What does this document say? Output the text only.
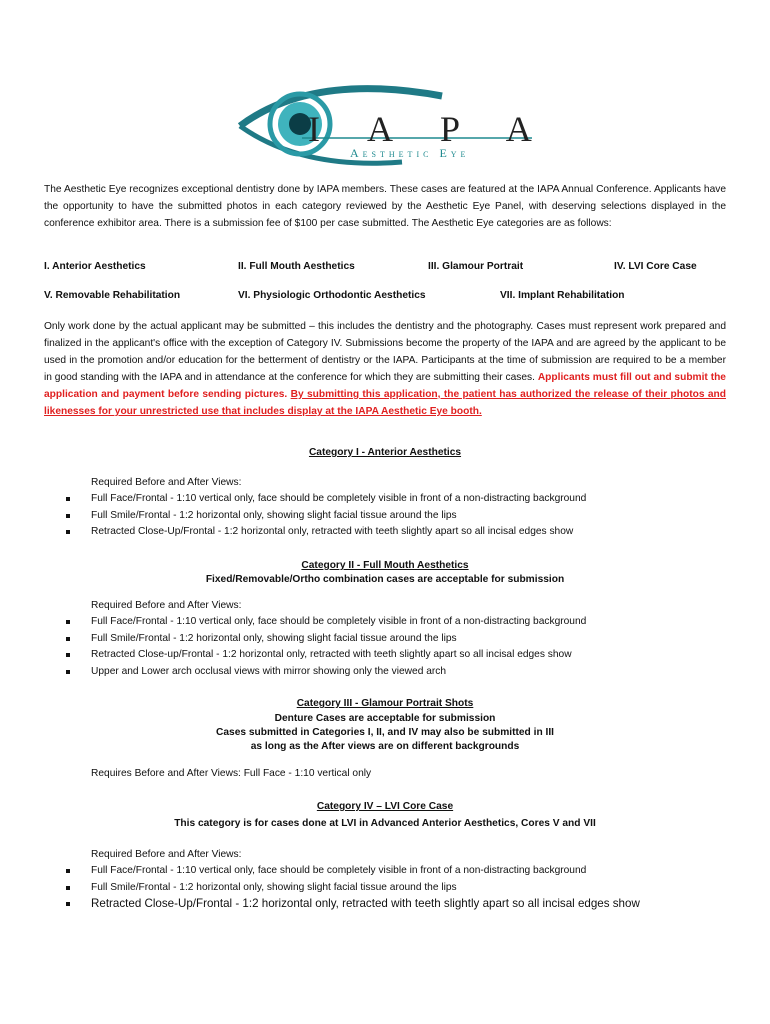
I A P A
Aesthetic Eye
The Aesthetic Eye recognizes exceptional dentistry done by IAPA members. These cases are featured at the IAPA Annual Conference. Applicants have the opportunity to have the submitted photos in each category reviewed by the Aesthetic Eye Panel, with deserving selections displayed in the conference exhibitor area. There is a submission fee of $100 per case submitted. The Aesthetic Eye categories are as follows:
I. Anterior Aesthetics	II. Full Mouth Aesthetics	III. Glamour Portrait	IV. LVI Core Case
V. Removable Rehabilitation	VI. Physiologic Orthodontic Aesthetics	VII. Implant Rehabilitation
Only work done by the actual applicant may be submitted – this includes the dentistry and the photography. Cases must represent work prepared and finalized in the applicant's office with the exception of Category IV. Submissions become the property of the IAPA and are agreed by the applicant to be used in the promotion and/or education for the betterment of dentistry or the IAPA. Participants at the time of submission are required to be a member in good standing with the IAPA and in attendance at the conference for which they are submitting their cases. Applicants must fill out and submit the application and payment before sending pictures. By submitting this application, the patient has authorized the release of their photos and likenesses for your unrestricted use that includes display at the IAPA Aesthetic Eye booth.
Category I - Anterior Aesthetics
Required Before and After Views:
Full Face/Frontal - 1:10 vertical only, face should be completely visible in front of a non-distracting background
Full Smile/Frontal - 1:2 horizontal only, showing slight facial tissue around the lips
Retracted Close-Up/Frontal - 1:2 horizontal only, retracted with teeth slightly apart so all incisal edges show
Category II - Full Mouth Aesthetics
Fixed/Removable/Ortho combination cases are acceptable for submission
Required Before and After Views:
Full Face/Frontal - 1:10 vertical only, face should be completely visible in front of a non-distracting background
Full Smile/Frontal - 1:2 horizontal only, showing slight facial tissue around the lips
Retracted Close-up/Frontal - 1:2 horizontal only, retracted with teeth slightly apart so all incisal edges show
Upper and Lower arch occlusal views with mirror showing only the viewed arch
Category III - Glamour Portrait Shots
Denture Cases are acceptable for submission
Cases submitted in Categories I, II, and IV may also be submitted in III
as long as the After views are on different backgrounds
Requires Before and After Views: Full Face - 1:10 vertical only
Category IV – LVI Core Case
This category is for cases done at LVI in Advanced Anterior Aesthetics, Cores V and VII
Required Before and After Views:
Full Face/Frontal - 1:10 vertical only, face should be completely visible in front of a non-distracting background
Full Smile/Frontal - 1:2 horizontal only, showing slight facial tissue around the lips
Retracted Close-Up/Frontal - 1:2 horizontal only, retracted with teeth slightly apart so all incisal edges show
